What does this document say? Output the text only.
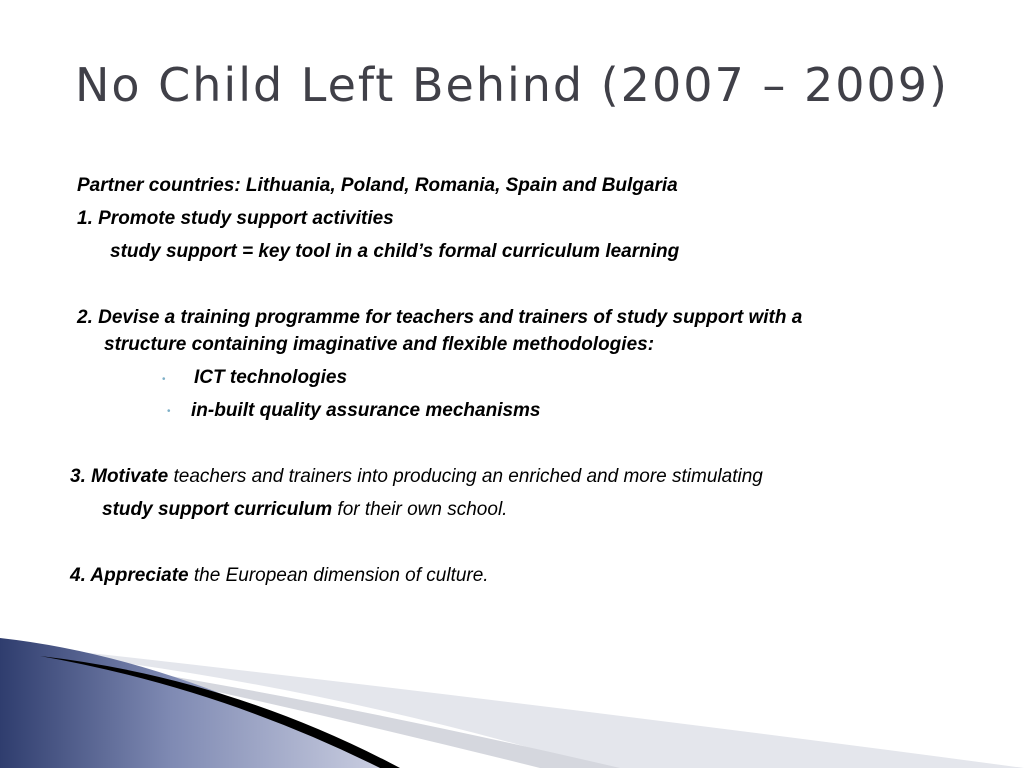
No Child Left Behind (2007 – 2009)
Partner countries: Lithuania, Poland, Romania, Spain and Bulgaria
1. Promote study support activities
study support = key tool in a child’s formal curriculum learning
2. Devise a training programme for teachers and trainers of study support with a
structure containing imaginative and flexible methodologies:
• ICT technologies
• in-built quality assurance mechanisms
3. Motivate teachers and trainers into producing an enriched and more stimulating
study support curriculum for their own school.
4. Appreciate the European dimension of culture.
